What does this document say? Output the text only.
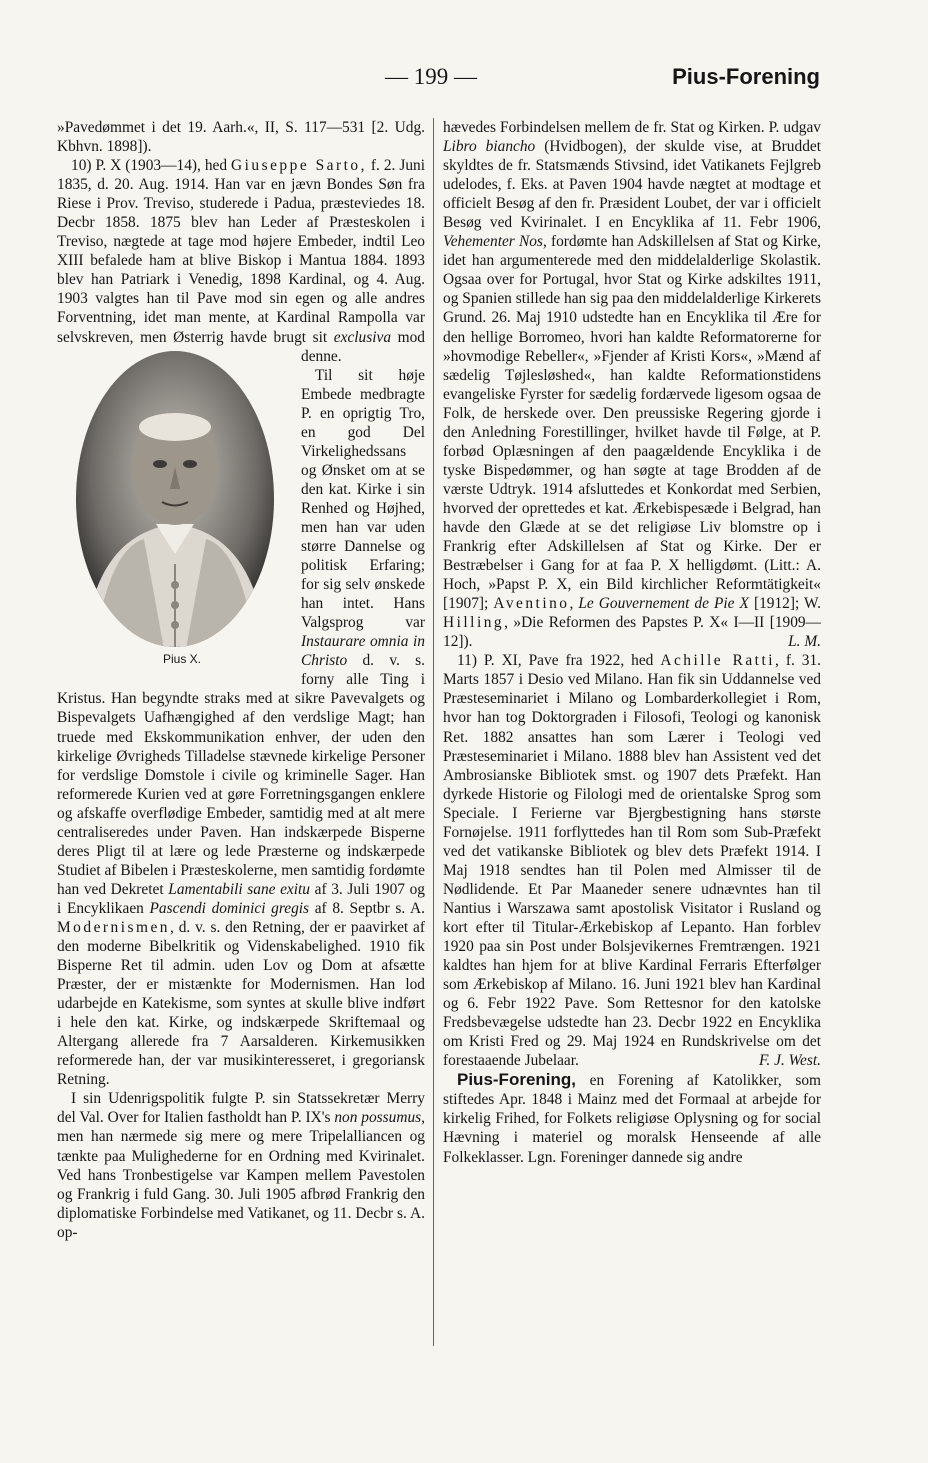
— 199 —	Pius-Forening

»Pavedømmet i det 19. Aarh.«, II, S. 117—531 [2. Udg. Kbhvn. 1898]).

10) P. X (1903—14), hed Giuseppe Sarto, f. 2. Juni 1835, d. 20. Aug. 1914. Han var en jævn Bondes Søn fra Riese i Prov. Treviso, studerede i Padua, præsteviedes 18. Decbr 1858. 1875 blev han Leder af Præsteskolen i Treviso, nægtede at tage mod højere Embeder, indtil Leo XIII befalede ham at blive Biskop i Mantua 1884. 1893 blev han Patriark i Venedig, 1898 Kardinal, og 4. Aug. 1903 valgtes han til Pave mod sin egen og alle andres Forventning, idet man mente, at Kardinal Rampolla var selvskreven, men Østerrig havde brugt sit
Pius X.
exclusiva mod denne.

Til sit høje Embede medbragte P. en oprigtig Tro, en god Del Virkelighedssans og Ønsket om at se den kat. Kirke i sin Renhed og Højhed, men han var uden større Dannelse og politisk Erfaring; for sig selv ønskede han intet. Hans Valgsprog var Instaurare omnia in Christo d. v. s. forny alle Ting i Kristus. Han begyndte straks med at sikre Pavevalgets og Bispevalgets Uafhængighed af den verdslige Magt; han truede med Ekskommunikation enhver, der uden den kirkelige Øvrigheds Tilladelse stævnede kirkelige Personer for verdslige Domstole i civile og kriminelle Sager. Han reformerede Kurien ved at gøre Forretningsgangen enklere og afskaffe overflødige Embeder, samtidig med at alt mere centraliseredes under Paven. Han indskærpede Bisperne deres Pligt til at lære og lede Præsterne og indskærpede Studiet af Bibelen i Præsteskolerne, men samtidig fordømte han ved Dekretet Lamentabili sane exitu af 3. Juli 1907 og i Encyklikaen Pascendi dominici gregis af 8. Septbr s. A. Modernismen, d. v. s. den Retning, der er paavirket af den moderne Bibelkritik og Videnskabelighed. 1910 fik Bisperne Ret til admin. uden Lov og Dom at afsætte Præster, der er mistænkte for Modernismen. Han lod udarbejde en Katekisme, som syntes at skulle blive indført i hele den kat. Kirke, og indskærpede Skriftemaal og Altergang allerede fra 7 Aarsalderen. Kirkemusikken reformerede han, der var musikinteresseret, i gregoriansk Retning.

I sin Udenrigspolitik fulgte P. sin Statssekretær Merry del Val. Over for Italien fastholdt han P. IX's non possumus, men han nærmede sig mere og mere Tripelalliancen og tænkte paa Mulighederne for en Ordning med Kvirinalet. Ved hans Tronbestigelse var Kampen mellem Pavestolen og Frankrig i fuld Gang. 30. Juli 1905 afbrød Frankrig den diplomatiske Forbindelse med Vatikanet, og 11. Decbr s. A. op-

hævedes Forbindelsen mellem de fr. Stat og Kirken. P. udgav Libro biancho (Hvidbogen), der skulde vise, at Bruddet skyldtes de fr. Statsmænds Stivsind, idet Vatikanets Fejlgreb udelodes, f. Eks. at Paven 1904 havde nægtet at modtage et officielt Besøg af den fr. Præsident Loubet, der var i officielt Besøg ved Kvirinalet. I en Encyklika af 11. Febr 1906, Vehementer Nos, fordømte han Adskillelsen af Stat og Kirke, idet han argumenterede med den middelalderlige Skolastik. Ogsaa over for Portugal, hvor Stat og Kirke adskiltes 1911, og Spanien stillede han sig paa den middelalderlige Kirkerets Grund. 26. Maj 1910 udstedte han en Encyklika til Ære for den hellige Borromeo, hvori han kaldte Reformatorerne for »hovmodige Rebeller«, »Fjender af Kristi Kors«, »Mænd af sædelig Tøjlesløshed«, han kaldte Reformationstidens evangeliske Fyrster for sædelig fordærvede ligesom ogsaa de Folk, de herskede over. Den preussiske Regering gjorde i den Anledning Forestillinger, hvilket havde til Følge, at P. forbød Oplæsningen af den paagældende Encyklika i de tyske Bispedømmer, og han søgte at tage Brodden af de værste Udtryk. 1914 afsluttedes et Konkordat med Serbien, hvorved der oprettedes et kat. Ærkebispesæde i Belgrad, han havde den Glæde at se det religiøse Liv blomstre op i Frankrig efter Adskillelsen af Stat og Kirke. Der er Bestræbelser i Gang for at faa P. X helligdømt. (Litt.: A. Hoch, »Papst P. X, ein Bild kirchlicher Reformtätigkeit« [1907]; Aventino, Le Gouvernement de Pie X [1912]; W. Hilling, »Die Reformen des Papstes P. X« I—II [1909—12]).	L. M.

11) P. XI, Pave fra 1922, hed Achille Ratti, f. 31. Marts 1857 i Desio ved Milano. Han fik sin Uddannelse ved Præsteseminariet i Milano og Lombarderkollegiet i Rom, hvor han tog Doktorgraden i Filosofi, Teologi og kanonisk Ret. 1882 ansattes han som Lærer i Teologi ved Præsteseminariet i Milano. 1888 blev han Assistent ved det Ambrosianske Bibliotek smst. og 1907 dets Præfekt. Han dyrkede Historie og Filologi med de orientalske Sprog som Speciale. I Ferierne var Bjergbestigning hans største Fornøjelse. 1911 forflyttedes han til Rom som Sub-Præfekt ved det vatikanske Bibliotek og blev dets Præfekt 1914. I Maj 1918 sendtes han til Polen med Almisser til de Nødlidende. Et Par Maaneder senere udnævntes han til Nantius i Warszawa samt apostolisk Visitator i Rusland og kort efter til Titular-Ærkebiskop af Lepanto. Han forblev 1920 paa sin Post under Bolsjevikernes Fremtrængen. 1921 kaldtes han hjem for at blive Kardinal Ferraris Efterfølger som Ærkebiskop af Milano. 16. Juni 1921 blev han Kardinal og 6. Febr 1922 Pave. Som Rettesnor for den katolske Fredsbevægelse udstedte han 23. Decbr 1922 en Encyklika om Kristi Fred og 29. Maj 1924 en Rundskrivelse om det forestaaende Jubelaar.	F. J. West.

Pius-Forening, en Forening af Katolikker, som stiftedes Apr. 1848 i Mainz med det Formaal at arbejde for kirkelig Frihed, for Folkets religiøse Oplysning og for social Hævning i materiel og moralsk Henseende af alle Folkeklasser. Lgn. Foreninger dannede sig andre
